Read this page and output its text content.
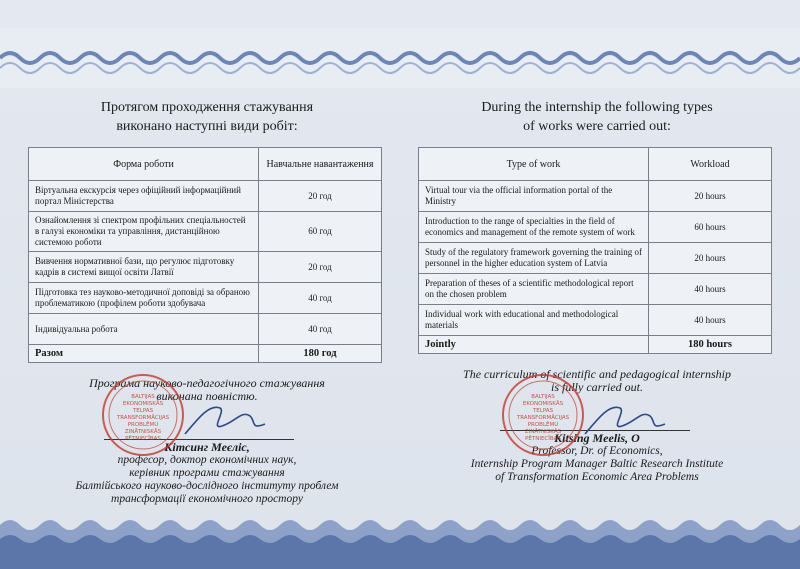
Протягом проходження стажування
виконано наступні види робіт:
Форма роботи	Навчальне навантаження
Віртуальна екскурсія через офіційний інформаційний портал Міністерства	20 год
Ознайомлення зі спектром профільних спеціальностей в галузі економіки та управління, дистанційною системою роботи	60 год
Вивчення нормативної бази, що регулює підготовку кадрів в системі вищої освіти Латвії	20 год
Підготовка тез науково-методичної доповіді за обраною проблематикою (профілем роботи здобувача	40 год
Індивідуальна робота	40 год
Разом	180 год
Програма науково-педагогічного стажування
виконана повністю.
Кітсинг Меєліс,
професор, доктор економічних наук,
керівник програми стажування
Балтійського науково-дослідного інституту проблем
трансформації економічного простору
During the internship the following types
of works were carried out:
Type of work	Workload
Virtual tour via the official information portal of the Ministry	20 hours
Introduction to the range of specialties in the field of economics and management of the remote system of work	60 hours
Study of the regulatory framework governing the training of personnel in the higher education system of Latvia	20 hours
Preparation of theses of a scientific methodological report on the chosen problem	40 hours
Individual work with educational and methodological materials	40 hours
Jointly	180 hours
The curriculum of scientific and pedagogical internship
is fully carried out.
Kitsing Meelis, O
Professor, Dr. of Economics,
Internship Program Manager Baltic Research Institute
of Transformation Economic Area Problems
BALTIJAS
EKONOMISKĀS
TELPAS
TRANSFORMĀCIJAS
PROBLĒMU
ZINĀTNISKĀS
PĒTNIECĪBAS
BALTIJAS
EKONOMISKĀS
TELPAS
TRANSFORMĀCIJAS
PROBLĒMU
ZINĀTNISKĀS
PĒTNIECĪBAS
